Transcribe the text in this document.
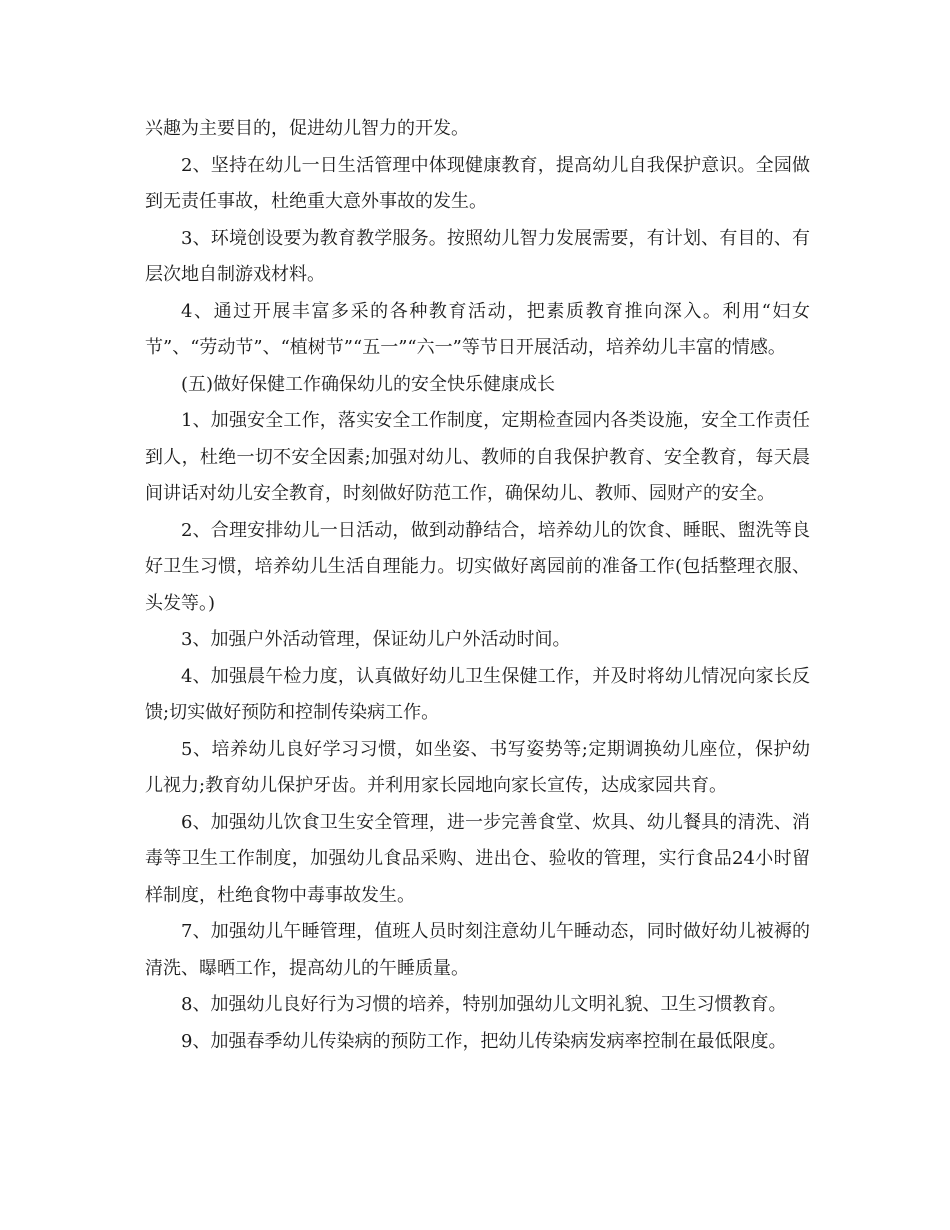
兴趣为主要目的，促进幼儿智力的开发。

2、坚持在幼儿一日生活管理中体现健康教育，提高幼儿自我保护意识。全园做到无责任事故，杜绝重大意外事故的发生。

3、环境创设要为教育教学服务。按照幼儿智力发展需要，有计划、有目的、有层次地自制游戏材料。

4、通过开展丰富多采的各种教育活动，把素质教育推向深入。利用“妇女节”、“劳动节”、“植树节”“五一”“六一”等节日开展活动，培养幼儿丰富的情感。

(五)做好保健工作确保幼儿的安全快乐健康成长

1、加强安全工作，落实安全工作制度，定期检查园内各类设施，安全工作责任到人，杜绝一切不安全因素;加强对幼儿、教师的自我保护教育、安全教育，每天晨间讲话对幼儿安全教育，时刻做好防范工作，确保幼儿、教师、园财产的安全。

2、合理安排幼儿一日活动，做到动静结合，培养幼儿的饮食、睡眠、盥洗等良好卫生习惯，培养幼儿生活自理能力。切实做好离园前的准备工作(包括整理衣服、头发等。)

3、加强户外活动管理，保证幼儿户外活动时间。

4、加强晨午检力度，认真做好幼儿卫生保健工作，并及时将幼儿情况向家长反馈;切实做好预防和控制传染病工作。

5、培养幼儿良好学习习惯，如坐姿、书写姿势等;定期调换幼儿座位，保护幼儿视力;教育幼儿保护牙齿。并利用家长园地向家长宣传，达成家园共育。

6、加强幼儿饮食卫生安全管理，进一步完善食堂、炊具、幼儿餐具的清洗、消毒等卫生工作制度，加强幼儿食品采购、进出仓、验收的管理，实行食品24小时留样制度，杜绝食物中毒事故发生。

7、加强幼儿午睡管理，值班人员时刻注意幼儿午睡动态，同时做好幼儿被褥的清洗、曝晒工作，提高幼儿的午睡质量。

8、加强幼儿良好行为习惯的培养，特别加强幼儿文明礼貌、卫生习惯教育。

9、加强春季幼儿传染病的预防工作，把幼儿传染病发病率控制在最低限度。
